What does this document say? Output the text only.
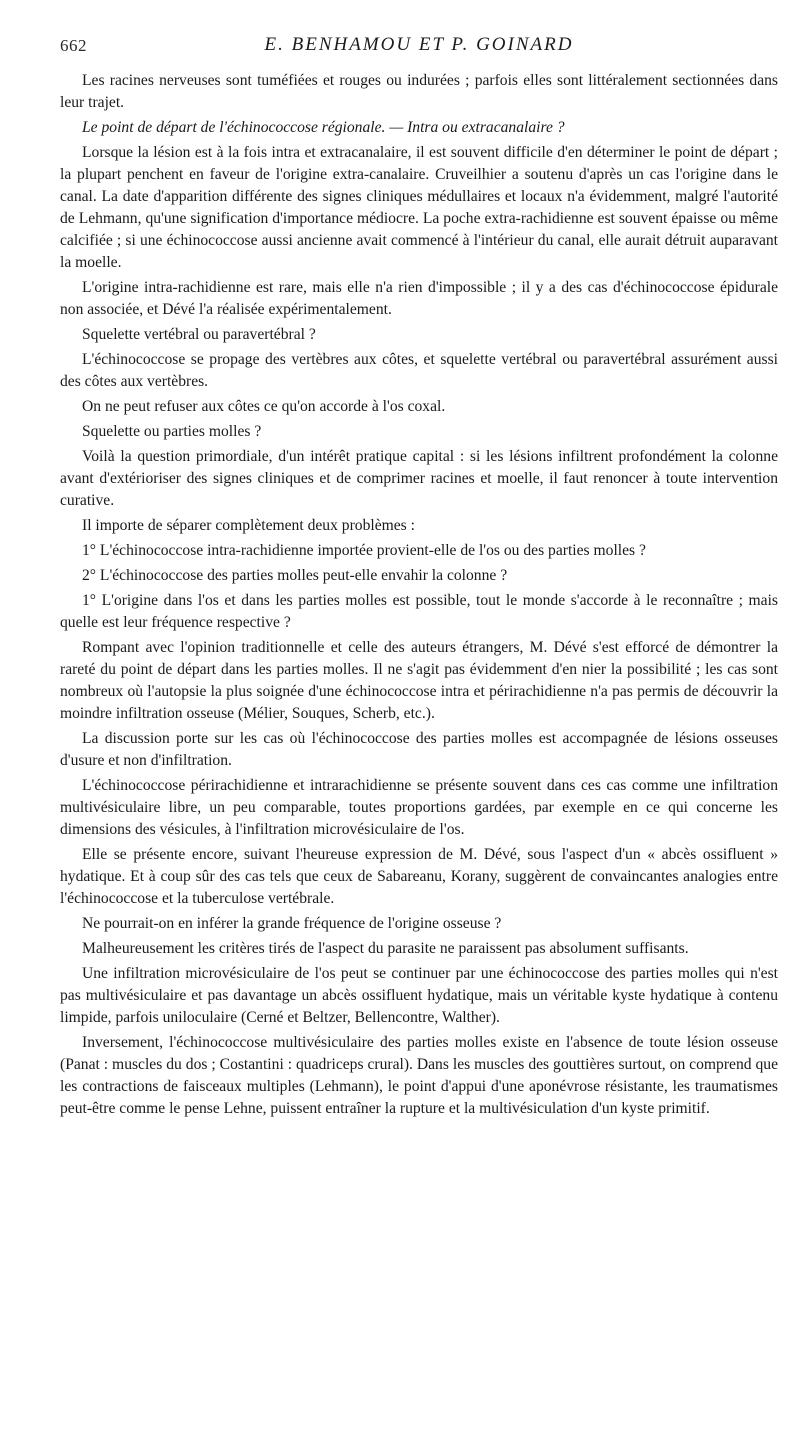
662	E. BENHAMOU ET P. GOINARD

Les racines nerveuses sont tuméfiées et rouges ou indurées ; parfois elles sont littéralement sectionnées dans leur trajet.

Le point de départ de l'échinococcose régionale. — Intra ou extracanalaire ?

Lorsque la lésion est à la fois intra et extracanalaire, il est souvent difficile d'en déterminer le point de départ ; la plupart penchent en faveur de l'origine extra-canalaire. Cruveilhier a soutenu d'après un cas l'origine dans le canal. La date d'apparition différente des signes cliniques médullaires et locaux n'a évidemment, malgré l'autorité de Lehmann, qu'une signification d'importance médiocre. La poche extra-rachidienne est souvent épaisse ou même calcifiée ; si une échinococcose aussi ancienne avait commencé à l'intérieur du canal, elle aurait détruit auparavant la moelle.

L'origine intra-rachidienne est rare, mais elle n'a rien d'impossible ; il y a des cas d'échinococcose épidurale non associée, et Dévé l'a réalisée expérimentalement.

Squelette vertébral ou paravertébral ?

L'échinococcose se propage des vertèbres aux côtes, et squelette vertébral ou paravertébral assurément aussi des côtes aux vertèbres.

On ne peut refuser aux côtes ce qu'on accorde à l'os coxal.

Squelette ou parties molles ?

Voilà la question primordiale, d'un intérêt pratique capital : si les lésions infiltrent profondément la colonne avant d'extérioriser des signes cliniques et de comprimer racines et moelle, il faut renoncer à toute intervention curative.

Il importe de séparer complètement deux problèmes :

1° L'échinococcose intra-rachidienne importée provient-elle de l'os ou des parties molles ?

2° L'échinococcose des parties molles peut-elle envahir la colonne ?

1° L'origine dans l'os et dans les parties molles est possible, tout le monde s'accorde à le reconnaître ; mais quelle est leur fréquence respective ?

Rompant avec l'opinion traditionnelle et celle des auteurs étrangers, M. Dévé s'est efforcé de démontrer la rareté du point de départ dans les parties molles. Il ne s'agit pas évidemment d'en nier la possibilité ; les cas sont nombreux où l'autopsie la plus soignée d'une échinococcose intra et périrachidienne n'a pas permis de découvrir la moindre infiltration osseuse (Mélier, Souques, Scherb, etc.).

La discussion porte sur les cas où l'échinococcose des parties molles est accompagnée de lésions osseuses d'usure et non d'infiltration.

L'échinococcose périrachidienne et intrarachidienne se présente souvent dans ces cas comme une infiltration multivésiculaire libre, un peu comparable, toutes proportions gardées, par exemple en ce qui concerne les dimensions des vésicules, à l'infiltration microvésiculaire de l'os.

Elle se présente encore, suivant l'heureuse expression de M. Dévé, sous l'aspect d'un « abcès ossifluent » hydatique. Et à coup sûr des cas tels que ceux de Sabareanu, Korany, suggèrent de convaincantes analogies entre l'échinococcose et la tuberculose vertébrale.

Ne pourrait-on en inférer la grande fréquence de l'origine osseuse ?

Malheureusement les critères tirés de l'aspect du parasite ne paraissent pas absolument suffisants.

Une infiltration microvésiculaire de l'os peut se continuer par une échinococcose des parties molles qui n'est pas multivésiculaire et pas davantage un abcès ossifluent hydatique, mais un véritable kyste hydatique à contenu limpide, parfois uniloculaire (Cerné et Beltzer, Bellencontre, Walther).

Inversement, l'échinococcose multivésiculaire des parties molles existe en l'absence de toute lésion osseuse (Panat : muscles du dos ; Costantini : quadriceps crural). Dans les muscles des gouttières surtout, on comprend que les contractions de faisceaux multiples (Lehmann), le point d'appui d'une aponévrose résistante, les traumatismes peut-être comme le pense Lehne, puissent entraîner la rupture et la multivésiculation d'un kyste primitif.
